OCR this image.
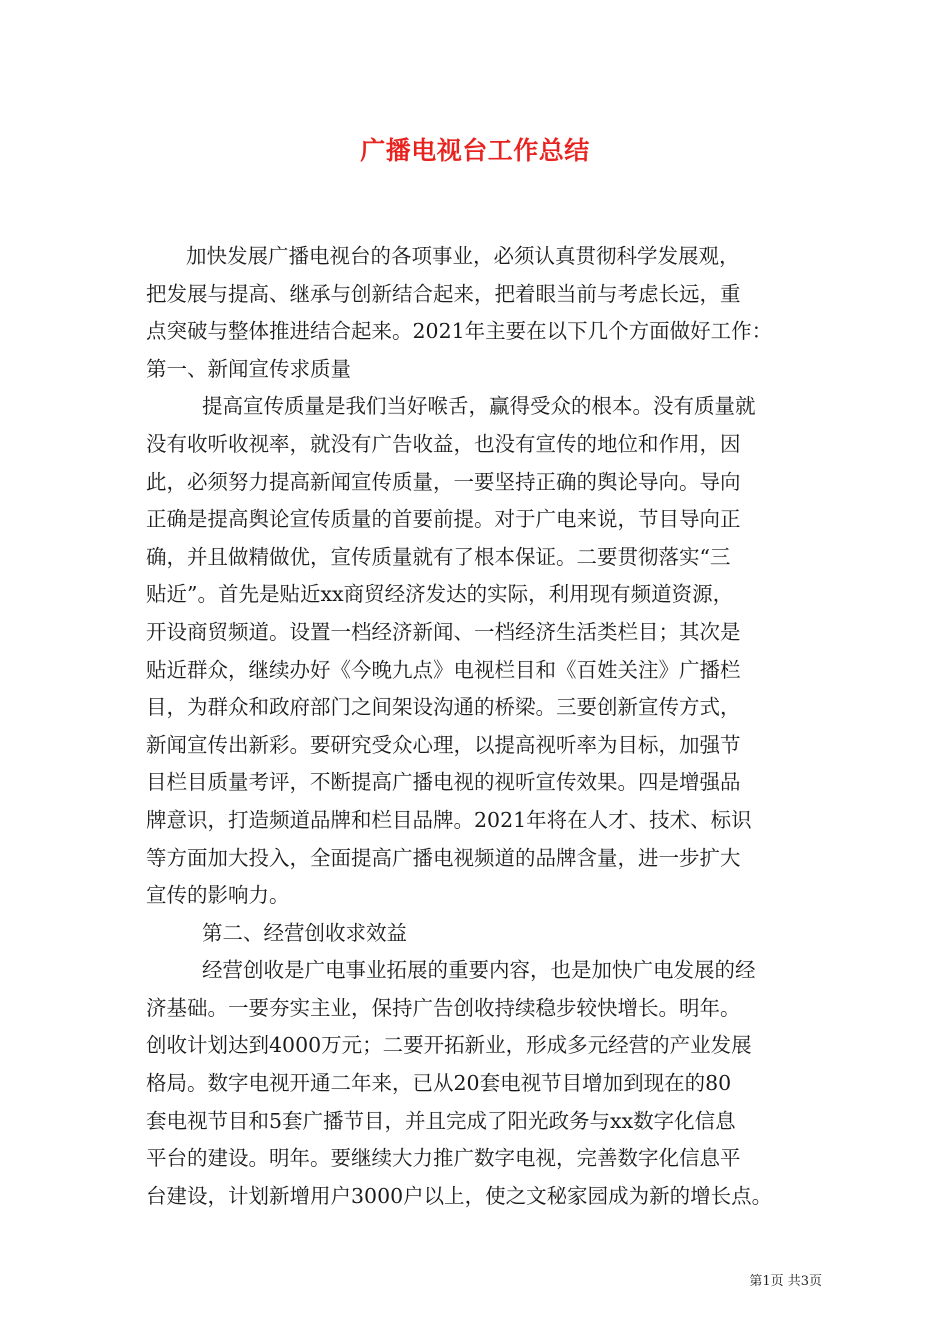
广播电视台工作总结
加快发展广播电视台的各项事业，必须认真贯彻科学发展观，
把发展与提高、继承与创新结合起来，把着眼当前与考虑长远，重
点突破与整体推进结合起来。2021年主要在以下几个方面做好工作：
第一、新闻宣传求质量
提高宣传质量是我们当好喉舌，赢得受众的根本。没有质量就
没有收听收视率，就没有广告收益，也没有宣传的地位和作用，因
此，必须努力提高新闻宣传质量，一要坚持正确的舆论导向。导向
正确是提高舆论宣传质量的首要前提。对于广电来说，节目导向正
确，并且做精做优，宣传质量就有了根本保证。二要贯彻落实“三
贴近”。首先是贴近xx商贸经济发达的实际，利用现有频道资源，
开设商贸频道。设置一档经济新闻、一档经济生活类栏目；其次是
贴近群众，继续办好《今晚九点》电视栏目和《百姓关注》广播栏
目，为群众和政府部门之间架设沟通的桥梁。三要创新宣传方式，
新闻宣传出新彩。要研究受众心理，以提高视听率为目标，加强节
目栏目质量考评，不断提高广播电视的视听宣传效果。四是增强品
牌意识，打造频道品牌和栏目品牌。2021年将在人才、技术、标识
等方面加大投入，全面提高广播电视频道的品牌含量，进一步扩大
宣传的影响力。
第二、经营创收求效益
经营创收是广电事业拓展的重要内容，也是加快广电发展的经
济基础。一要夯实主业，保持广告创收持续稳步较快增长。明年。
创收计划达到4000万元；二要开拓新业，形成多元经营的产业发展
格局。数字电视开通二年来，已从20套电视节目增加到现在的80
套电视节目和5套广播节目，并且完成了阳光政务与xx数字化信息
平台的建设。明年。要继续大力推广数字电视，完善数字化信息平
台建设，计划新增用户3000户以上，使之文秘家园成为新的增长点。
第1页 共3页
